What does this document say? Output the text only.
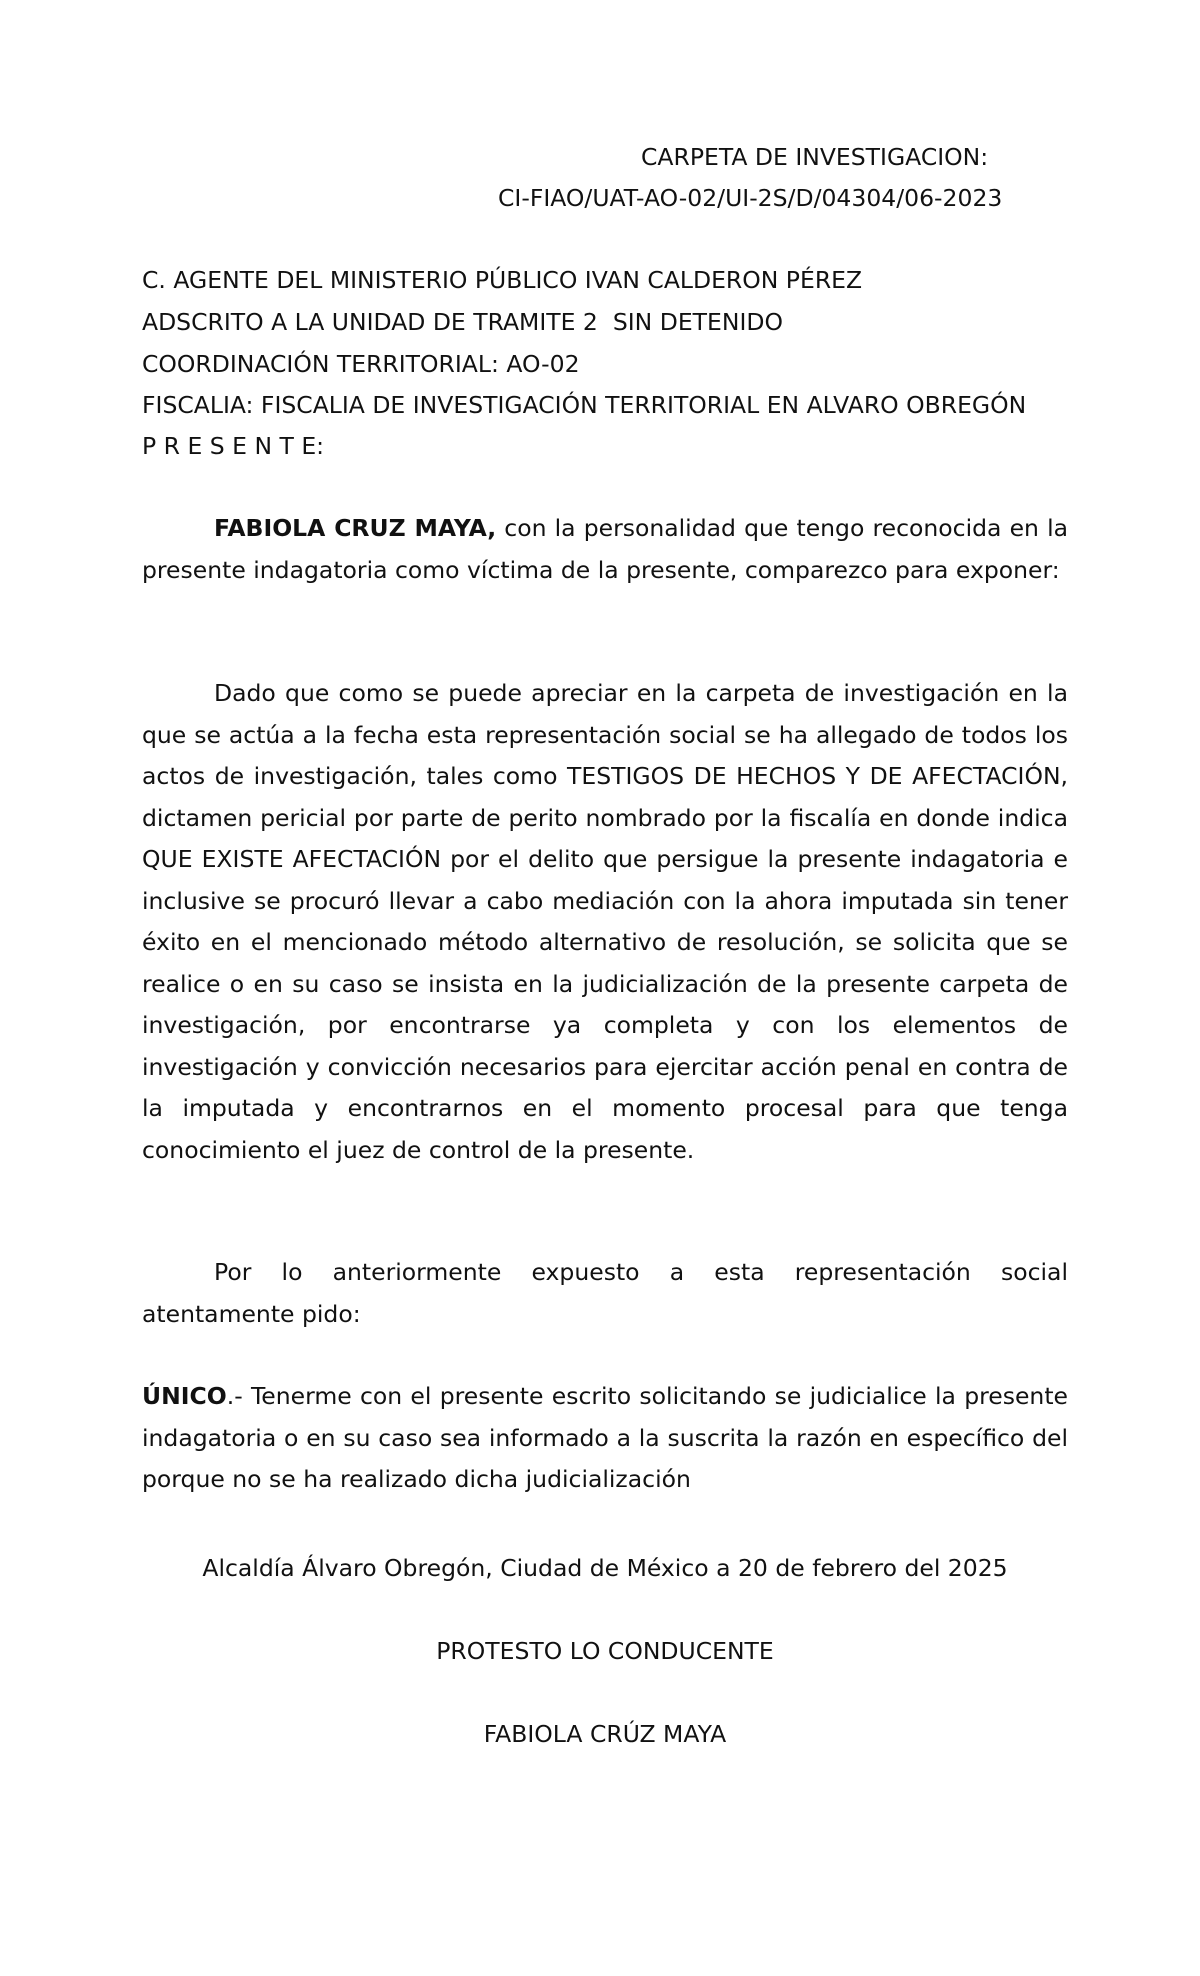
CARPETA DE INVESTIGACION:
CI-FIAO/UAT-AO-02/UI-2S/D/04304/06-2023
C. AGENTE DEL MINISTERIO PÚBLICO IVAN CALDERON PÉREZ
ADSCRITO A LA UNIDAD DE TRAMITE 2  SIN DETENIDO
COORDINACIÓN TERRITORIAL: AO-02
FISCALIA: FISCALIA DE INVESTIGACIÓN TERRITORIAL EN ALVARO OBREGÓN
P R E S E N T E:

FABIOLA CRUZ MAYA, con la personalidad que tengo reconocida en la presente indagatoria como víctima de la presente, comparezco para exponer:

Dado que como se puede apreciar en la carpeta de investigación en la que se actúa a la fecha esta representación social se ha allegado de todos los actos de investigación, tales como TESTIGOS DE HECHOS Y DE AFECTACIÓN, dictamen pericial por parte de perito nombrado por la fiscalía en donde indica QUE EXISTE AFECTACIÓN por el delito que persigue la presente indagatoria e inclusive se procuró llevar a cabo mediación con la ahora imputada sin tener éxito en el mencionado método alternativo de resolución, se solicita que se realice o en su caso se insista en la judicialización de la presente carpeta de investigación, por encontrarse ya completa y con los elementos de investigación y convicción necesarios para ejercitar acción penal en contra de la imputada y encontrarnos en el momento procesal para que tenga conocimiento el juez de control de la presente.

Por lo anteriormente expuesto a esta representación social atentamente pido:

ÚNICO.- Tenerme con el presente escrito solicitando se judicialice la presente indagatoria o en su caso sea informado a la suscrita la razón en específico del porque no se ha realizado dicha judicialización

Alcaldía Álvaro Obregón, Ciudad de México a 20 de febrero del 2025
PROTESTO LO CONDUCENTE
FABIOLA CRÚZ MAYA
